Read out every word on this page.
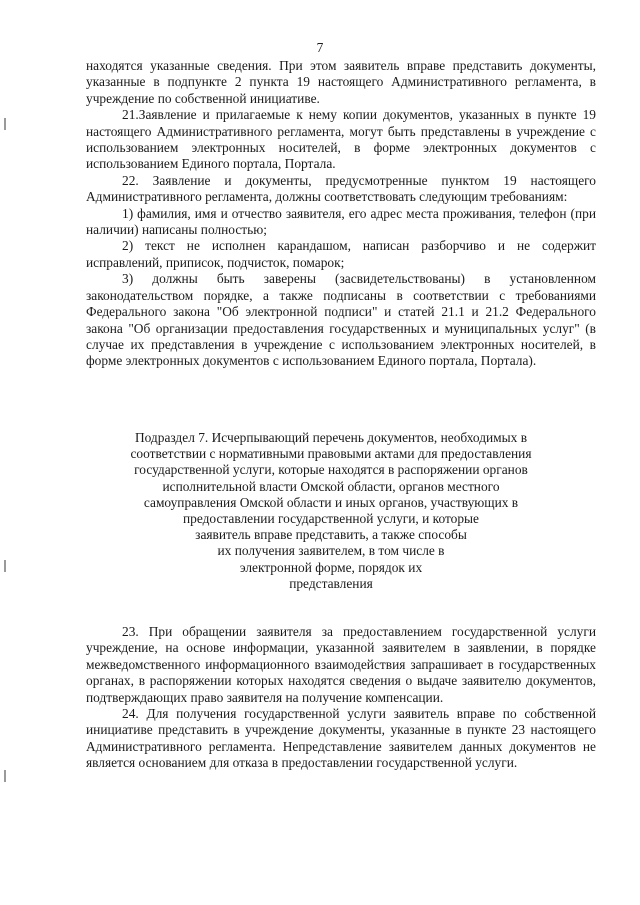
7

находятся указанные сведения. При этом заявитель вправе представить документы, указанные в подпункте 2 пункта 19 настоящего Административного регламента, в учреждение по собственной инициативе.

21.Заявление и прилагаемые к нему копии документов, указанных в пункте 19 настоящего Административного регламента, могут быть представлены в учреждение с использованием электронных носителей, в форме электронных документов с использованием Единого портала, Портала.

22. Заявление и документы, предусмотренные пунктом 19 настоящего Административного регламента, должны соответствовать следующим требованиям:

1) фамилия, имя и отчество заявителя, его адрес места проживания, телефон (при наличии) написаны полностью;

2) текст не исполнен карандашом, написан разборчиво и не содержит исправлений, приписок, подчисток, помарок;

3) должны быть заверены (засвидетельствованы) в установленном законодательством порядке, а также подписаны в соответствии с требованиями Федерального закона "Об электронной подписи" и статей 21.1 и 21.2 Федерального закона "Об организации предоставления государственных и муниципальных услуг" (в случае их представления в учреждение с использованием электронных носителей, в форме электронных документов с использованием Единого портала, Портала).

Подраздел 7. Исчерпывающий перечень документов, необходимых в
соответствии с нормативными правовыми актами для предоставления
государственной услуги, которые находятся в распоряжении органов
исполнительной власти Омской области, органов местного
самоуправления Омской области и иных органов, участвующих в
предоставлении государственной услуги, и которые
заявитель вправе представить, а также способы
их получения заявителем, в том числе в
электронной форме, порядок их
представления

23. При обращении заявителя за предоставлением государственной услуги учреждение, на основе информации, указанной заявителем в заявлении, в порядке межведомственного информационного взаимодействия запрашивает в государственных органах, в распоряжении которых находятся сведения о выдаче заявителю документов, подтверждающих право заявителя на получение компенсации.

24. Для получения государственной услуги заявитель вправе по собственной инициативе представить в учреждение документы, указанные в пункте 23 настоящего Административного регламента. Непредставление заявителем данных документов не является основанием для отказа в предоставлении государственной услуги.
